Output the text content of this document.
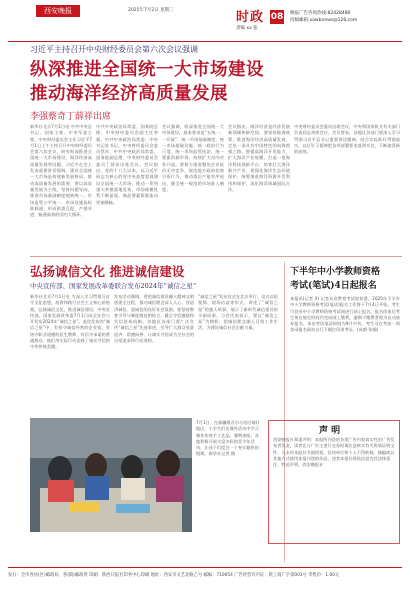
西安晚报	2025年7月2日 星期三	时政
责编 xx 张
08 晚报广告咨询热线:82428480
投稿邮箱:xawbnews@126.com
习近平主持召开中央财经委员会第六次会议强调
纵深推进全国统一大市场建设
推动海洋经济高质量发展
李强蔡奇丁薛祥出席
新华社北京7月1日电 中共中央总书记、国家主席、中央军委主席、中央财经委员会主任习近平7月1日上午主持召开中央财经委员会第六次会议，研究纵深推进全国统一大市场建设、海洋经济高质量发展等问题。习近平在会上发表重要讲话强调，建设全国统一大市场是构建新发展格局、推动高质量发展的需要，要以高质量发展为主线，坚持问题导向，推进市场基础制度规则统一、市场监管公平统一、市场设施高标准联通，形成供需互促、产销并进、畅通高效的国内大循环。
中共中央政治局常委、国务院总理、中央财经委员会副主任李强，中共中央政治局常委、中央书记处书记、中央财经委员会委员蔡奇，中共中央政治局常委、国务院副总理、中央财经委员会委员丁薛祥出席会议。会议指出，党的十八大以来，以习近平同志为核心的党中央高度重视建设全国统一大市场，推动一系列重大举措落地见效，市场规模优势不断显现，商品要素资源流动更加顺畅。
会议强调，纵深推进全国统一大市场建设，基本要求是“五统一、一开放”：统一市场基础制度、统一市场基础设施、统一政府行为尺度、统一市场监管执法、统一要素资源市场，持续扩大对内对外开放。要着力推进整治企业低价无序竞争，规范地方政府招商引资行为，推动落后产能有序退出，健全统一规范的市场准入制度。
会议指出，海洋经济是经济发展新领域和新空间，要坚持陆海统筹，推进海洋经济高质量发展，走出一条具有中国特色的向海图强之路。要提高海洋开发能力，扩大海洋产业规模，打造一批海洋科技创新平台，培育壮大海洋新兴产业。要强化海洋生态环境保护，统筹推进海洋资源开发利用和保护，深化海洋领域国际合作。
中央财经委员会委员出席会议，中央和国家机关有关部门负责同志列席会议。会议要求，各地区各部门要深入学习贯彻习近平总书记重要讲话精神，结合实际抓好贯彻落实，以钉钉子精神把各项部署要求落到实处，不断取得新的成效。
弘扬诚信文化 推进诚信建设
中央宣传部、国家发展改革委联合发布2024年“诚信之星”
新华社北京7月1日电 为深入学习贯彻习近平文化思想，培育和践行社会主义核心价值观，弘扬诚信文化，推进诚信建设，中央宣传部、国家发展改革委7月1日向全社会公开发布2024年“诚信之星”。此次发布的“诚信之星”中，有坚守诚信经营的企业家，有恪守职业道德的医生教师，有信守承诺的普通群众，他们用实际行动诠释了诚实守信的中华传统美德。
发布活动强调，要把诚信建设融入精神文明创建全过程，推动诚信理念深入人心，营造讲诚信、重诚信的良好社会氛围。要坚持教育引导与制度规范相结合，健全守信激励和失信惩戒机制。各地区各部门要广泛宣传“诚信之星”先进事迹，引导广大群众见贤思齐、崇德向善，让诚实守信成为全社会的自觉追求和行动准则。
“诚信之星”发布仪式在北京举行。仪式以短视频、现场访谈等形式，讲述了“诚信之星”的感人故事，展示了新时代诚信建设的丰硕成果。与会代表表示，要以“诚信之星”为榜样，把诚信理念融入日常工作生活，为建设诚信社会贡献力量。
下半年中小学教师资格
考试(笔试)4日起报名
本报讯(记者 X) 记者从省教育考试院获悉，2025年下半年中小学教师资格考试(笔试)报名工作将于7月4日开始，考生可登录中小学教师资格考试网进行网上报名。报名结束后考生须在规定时间内完成网上缴费，逾期不缴费者视为自动放弃报名。本次考试笔试时间为9月中旬，考生可在考前一周登录报名网站自行下载打印准考证。(成都 张翰)
7月1日，在新疆维吾尔自治区喀什地区，小学生们在课外活动中学习制作传统手工艺品。暑期来临，各地积极开展丰富多彩的青少年活动，让孩子们度过一个充实愉快的假期。新华社记者 摄
声 明
西安晚报社郑重声明：本报所刊登的各类广告内容真实性由广告发布者负责，读者在与广告主进行交易时请注意核实有关资质证明文件。凡未经本报社书面授权，任何单位和个人不得转载、摘编或以其他方式使用本报刊登的作品，违者本报社将依法追究其法律责任。特此声明。西安晚报社
发行：全市各县(区)邮政局、各(镇)邮政所 印刷：陕西日报社印务中心印刷 地址：西安市文艺北路乙号 邮编：710054 广告经营许可证：陕工商广字第001号 零售价：1.00元
